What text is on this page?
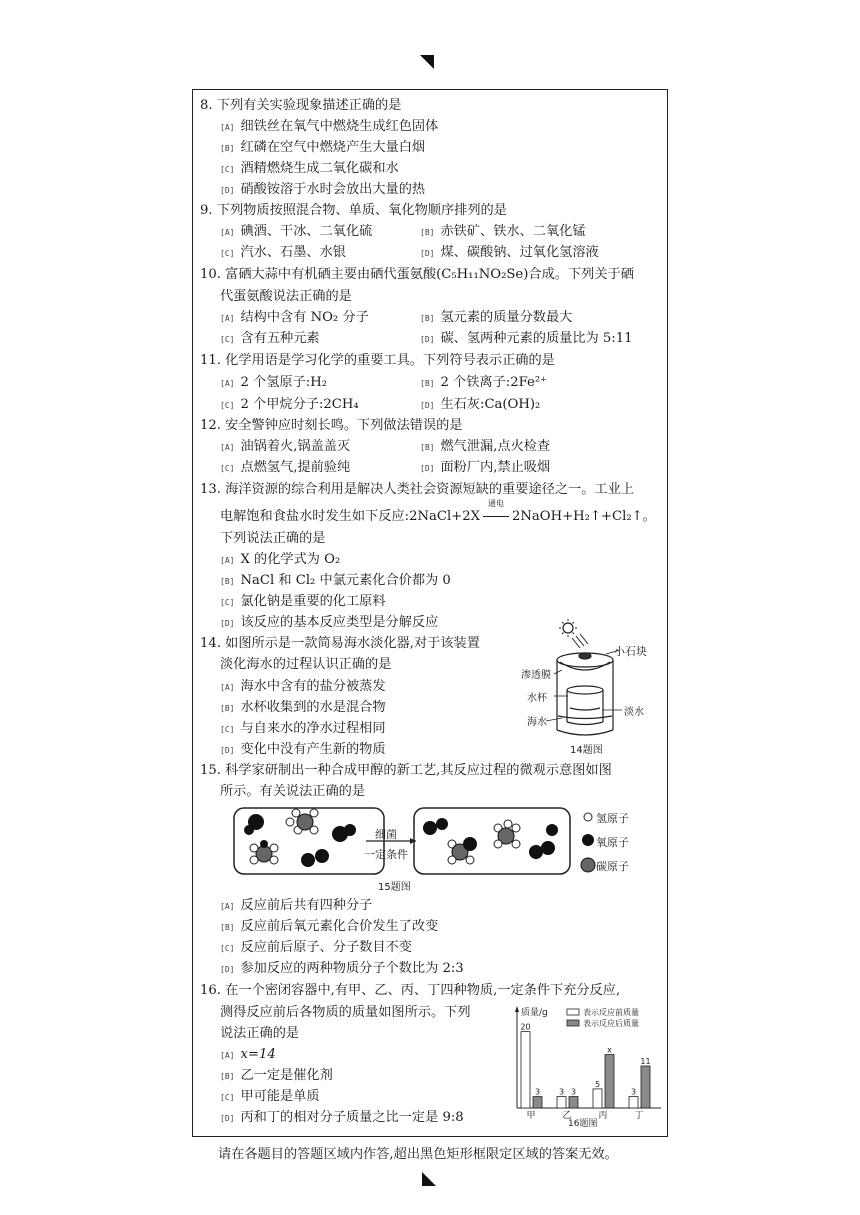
8. 下列有关实验现象描述正确的是
[A] 细铁丝在氧气中燃烧生成红色固体
[B] 红磷在空气中燃烧产生大量白烟
[C] 酒精燃烧生成二氧化碳和水
[D] 硝酸铵溶于水时会放出大量的热
9. 下列物质按照混合物、单质、氧化物顺序排列的是
[A] 碘酒、干冰、二氧化硫	[B] 赤铁矿、铁水、二氧化锰
[C] 汽水、石墨、水银	[D] 煤、碳酸钠、过氧化氢溶液
10. 富硒大蒜中有机硒主要由硒代蛋氨酸(C₅H₁₁NO₂Se)合成。下列关于硒
代蛋氨酸说法正确的是
[A] 结构中含有 NO₂ 分子	[B] 氢元素的质量分数最大
[C] 含有五种元素	[D] 碳、氢两种元素的质量比为 5:11
11. 化学用语是学习化学的重要工具。下列符号表示正确的是
[A] 2 个氢原子:H₂	[B] 2 个铁离子:2Fe²⁺
[C] 2 个甲烷分子:2CH₄	[D] 生石灰:Ca(OH)₂
12. 安全警钟应时刻长鸣。下列做法错误的是
[A] 油锅着火,锅盖盖灭	[B] 燃气泄漏,点火检查
[C] 点燃氢气,提前验纯	[D] 面粉厂内,禁止吸烟
13. 海洋资源的综合利用是解决人类社会资源短缺的重要途径之一。工业上
电解饱和食盐水时发生如下反应:2NaCl+2X
通电
2NaOH+H₂↑+Cl₂↑。
下列说法正确的是
[A] X 的化学式为 O₂
[B] NaCl 和 Cl₂ 中氯元素化合价都为 0
[C] 氯化钠是重要的化工原料
[D] 该反应的基本反应类型是分解反应
14. 如图所示是一款简易海水淡化器,对于该装置
淡化海水的过程认识正确的是
[A] 海水中含有的盐分被蒸发
[B] 水杯收集到的水是混合物
[C] 与自来水的净水过程相同
[D] 变化中没有产生新的物质
小石块
渗透膜
水杯
淡水
海水
14题图
15. 科学家研制出一种合成甲醇的新工艺,其反应过程的微观示意图如图
所示。有关说法正确的是
细菌
一定条件
氢原子
氧原子
碳原子
15题图
[A] 反应前后共有四种分子
[B] 反应前后氧元素化合价发生了改变
[C] 反应前后原子、分子数目不变
[D] 参加反应的两种物质分子个数比为 2:3
16. 在一个密闭容器中,有甲、乙、丙、丁四种物质,一定条件下充分反应,
测得反应前后各物质的质量如图所示。下列
说法正确的是
[A] x=14
[B] 乙一定是催化剂
[C] 甲可能是单质
[D] 丙和丁的相对分子质量之比一定是 9:8
质量/g	表示反应前质量
表示反应后质量
20
3
甲
3 3
乙
5
x
丙
3
11
丁
16题图
请在各题目的答题区域内作答,超出黑色矩形框限定区域的答案无效。
